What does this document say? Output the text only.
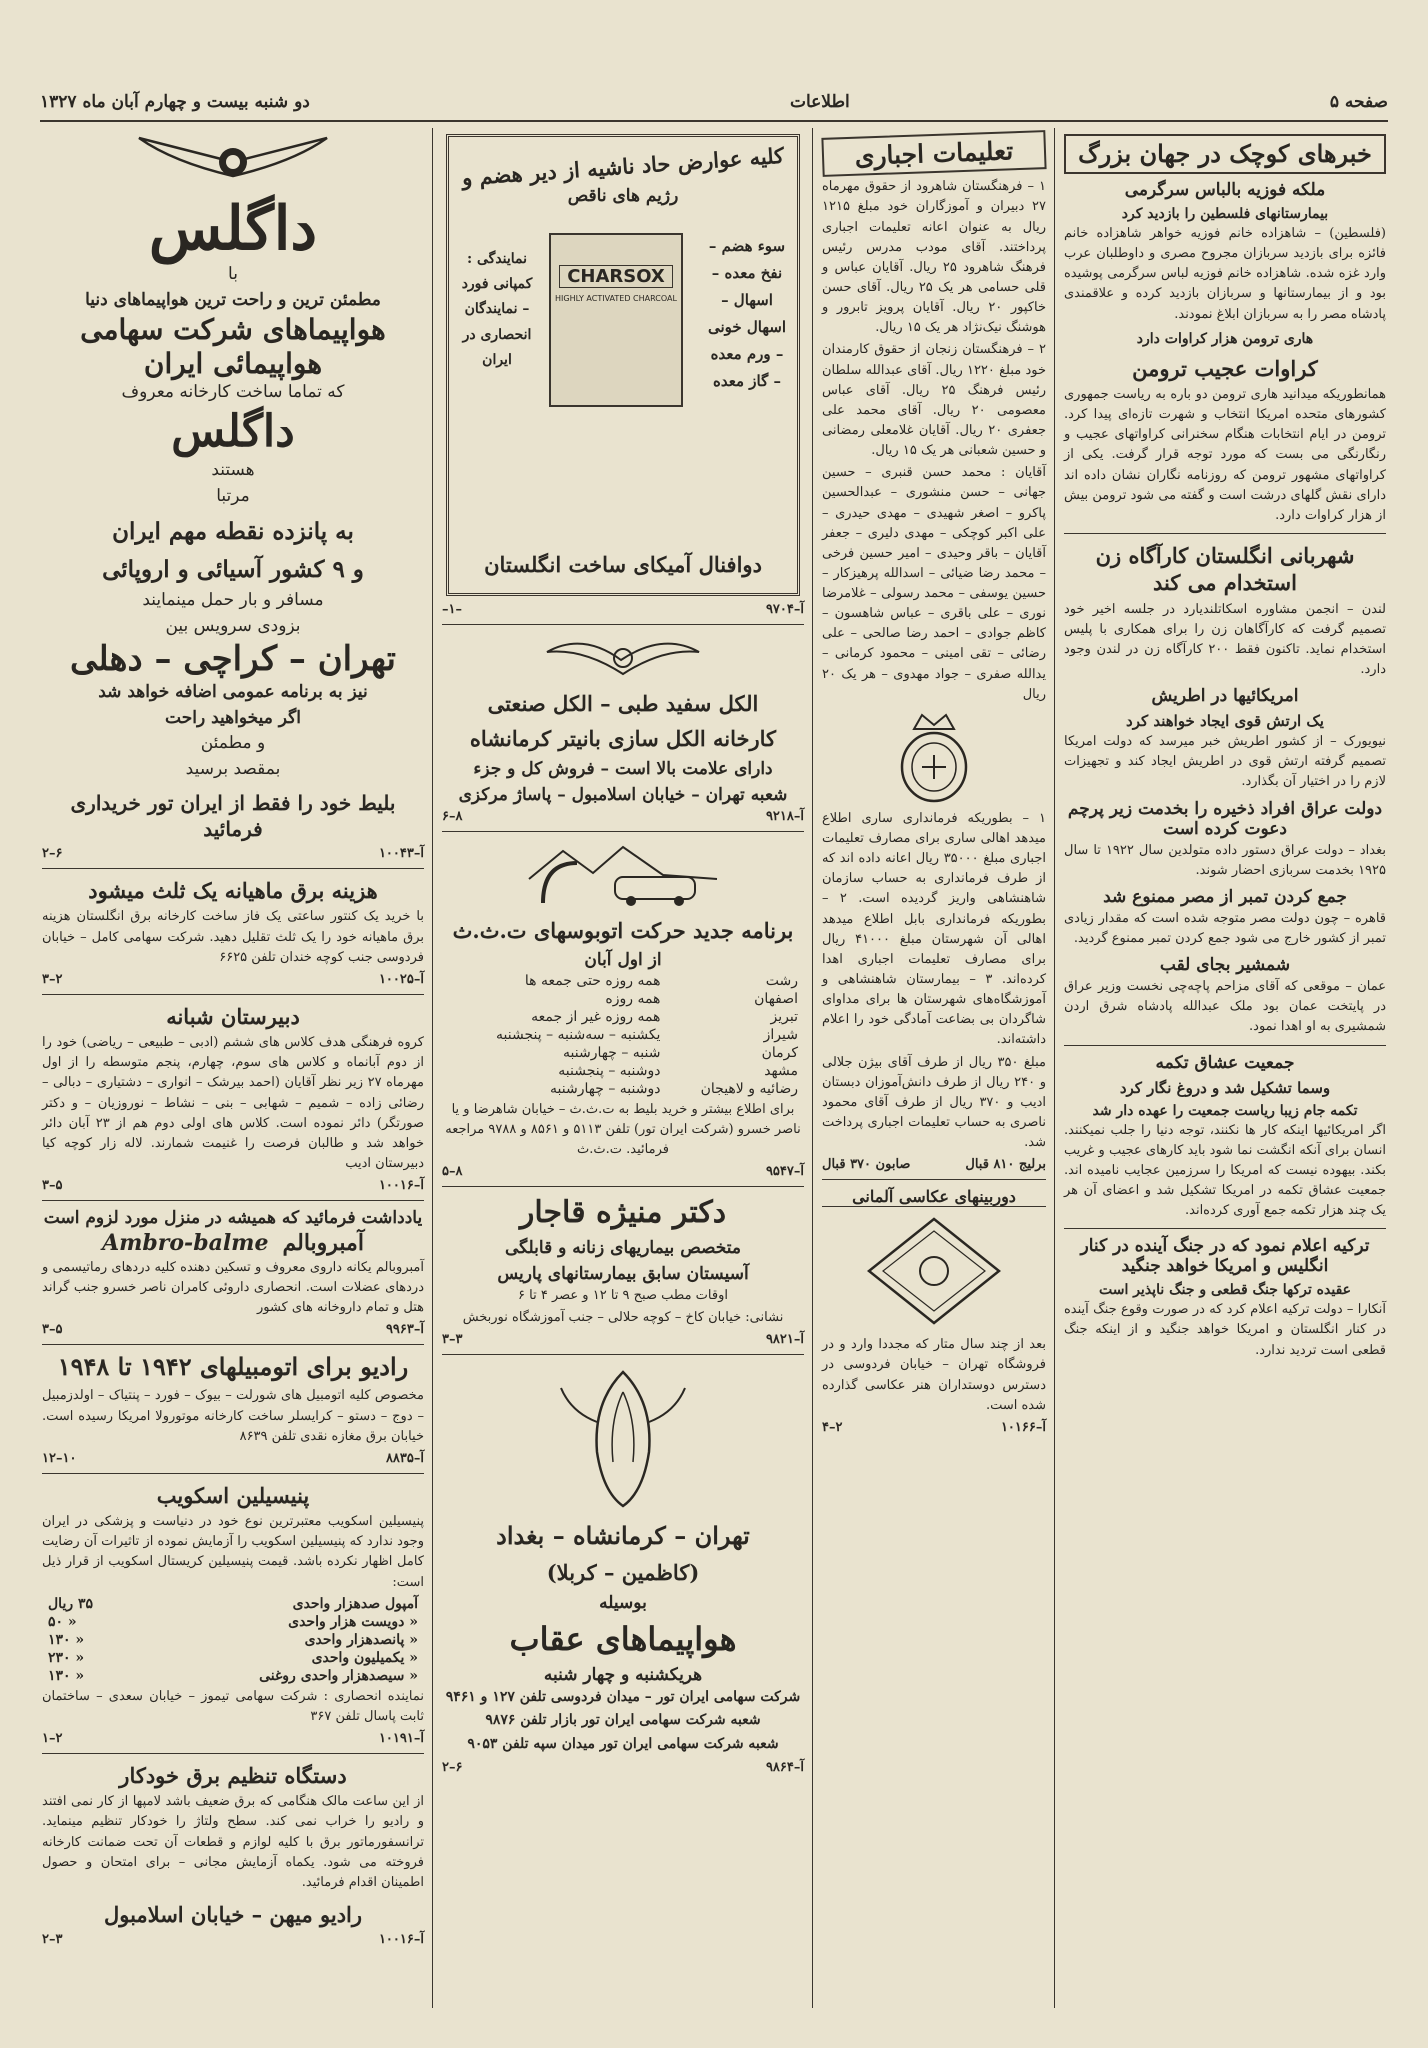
صفحه ۵
اطلاعات
دو شنبه بیست و چهارم آبان ماه ۱۳۲۷
خبرهای کوچک در جهان بزرگ
ملکه فوزیه بالباس سرگرمی
بیمارستانهای فلسطین را بازدید کرد
(فلسطین) – شاهزاده خانم فوزیه خواهر شاهزاده خانم فائزه برای بازدید سربازان مجروح مصری و داوطلبان عرب وارد غزه شده. شاهزاده خانم فوزیه لباس سرگرمی پوشیده بود و از بیمارستانها و سربازان بازدید کرده و علاقمندی پادشاه مصر را به سربازان ابلاغ نمودند.
هاری ترومن هزار کراوات دارد
کراوات عجیب ترومن
همانطوریکه میدانید هاری ترومن دو باره به ریاست جمهوری کشورهای متحده امریکا انتخاب و شهرت تازه‌ای پیدا کرد. ترومن در ایام انتخابات هنگام سخنرانی کراواتهای عجیب و رنگارنگی می بست که مورد توجه قرار گرفت. یکی از کراواتهای مشهور ترومن که روزنامه نگاران نشان داده اند دارای نقش گلهای درشت است و گفته می شود ترومن بیش از هزار کراوات دارد.
شهربانی انگلستان کارآگاه زن استخدام می کند
لندن – انجمن مشاوره اسکاتلندیارد در جلسه اخیر خود تصمیم گرفت که کارآگاهان زن را برای همکاری با پلیس استخدام نماید. تاکنون فقط ۲۰۰ کارآگاه زن در لندن وجود دارد.
امریکائیها در اطریش
یک ارتش قوی ایجاد خواهند کرد
نیویورک – از کشور اطریش خبر میرسد که دولت امریکا تصمیم گرفته ارتش قوی در اطریش ایجاد کند و تجهیزات لازم را در اختیار آن بگذارد.
دولت عراق افراد ذخیره را بخدمت زیر پرچم دعوت کرده است
بغداد – دولت عراق دستور داده متولدین سال ۱۹۲۲ تا سال ۱۹۲۵ بخدمت سربازی احضار شوند.
جمع کردن تمبر از مصر ممنوع شد
قاهره – چون دولت مصر متوجه شده است که مقدار زیادی تمبر از کشور خارج می شود جمع کردن تمبر ممنوع گردید.
شمشیر بجای لقب
عمان – موقعی که آقای مزاحم پاچه‌چی نخست وزیر عراق در پایتخت عمان بود ملک عبدالله پادشاه شرق اردن شمشیری به او اهدا نمود.
جمعیت عشاق تکمه
وسما تشکیل شد و دروغ نگار کرد
تکمه جام زیبا ریاست جمعیت را عهده دار شد
اگر امریکائیها اینکه کار ها نکنند، توجه دنیا را جلب نمیکنند. انسان برای آنکه انگشت نما شود باید کارهای عجیب و غریب بکند. بیهوده نیست که امریکا را سرزمین عجایب نامیده اند. جمعیت عشاق تکمه در امریکا تشکیل شد و اعضای آن هر یک چند هزار تکمه جمع آوری کرده‌اند.
ترکیه اعلام نمود که در جنگ آینده در کنار انگلیس و امریکا خواهد جنگید
عقیده ترکها جنگ قطعی و جنگ ناپذیر است
آنکارا – دولت ترکیه اعلام کرد که در صورت وقوع جنگ آینده در کنار انگلستان و امریکا خواهد جنگید و از اینکه جنگ قطعی است تردید ندارد.
تعلیمات اجباری
۱ – فرهنگستان شاهرود از حقوق مهرماه ۲۷ دبیران و آموزگاران خود مبلغ ۱۲۱۵ ریال به عنوان اعانه تعلیمات اجباری پرداختند. آقای مودب مدرس رئیس فرهنگ شاهرود ۲۵ ریال. آقایان عباس و قلی حسامی هر یک ۲۵ ریال. آقای حسن خاکپور ۲۰ ریال. آقایان پرویز تابرور و هوشنگ نیک‌نژاد هر یک ۱۵ ریال.
۲ – فرهنگستان زنجان از حقوق کارمندان خود مبلغ ۱۲۲۰ ریال. آقای عبدالله سلطان رئیس فرهنگ ۲۵ ریال. آقای عباس معصومی ۲۰ ریال. آقای محمد علی جعفری ۲۰ ریال. آقایان غلامعلی رمضانی و حسین شعبانی هر یک ۱۵ ریال.
آقایان : محمد حسن قنبری – حسین جهانی – حسن منشوری – عبدالحسین پاکرو – اصغر شهیدی – مهدی حیدری – علی اکبر کوچکی – مهدی دلیری – جعفر آقایان – باقر وحیدی – امیر حسین فرخی – محمد رضا ضیائی – اسدالله پرهیزکار – حسین یوسفی – محمد رسولی – غلامرضا نوری – علی باقری – عباس شاهسون – کاظم جوادی – احمد رضا صالحی – علی رضائی – تقی امینی – محمود کرمانی – یدالله صفری – جواد مهدوی – هر یک ۲۰ ریال
۱ – بطوریکه فرمانداری ساری اطلاع میدهد اهالی ساری برای مصارف تعلیمات اجباری مبلغ ۳۵۰۰۰ ریال اعانه داده اند که از طرف فرمانداری به حساب سازمان شاهنشاهی واریز گردیده است. ۲ – بطوریکه فرمانداری بابل اطلاع میدهد اهالی آن شهرستان مبلغ ۴۱۰۰۰ ریال برای مصارف تعلیمات اجباری اهدا کرده‌اند. ۳ – بیمارستان شاهنشاهی و آموزشگاه‌های شهرستان ها برای مداوای شاگردان بی بضاعت آمادگی خود را اعلام داشته‌اند.
مبلغ ۳۵۰ ریال از طرف آقای بیژن جلالی و ۲۴۰ ریال از طرف دانش‌آموزان دبستان ادیب و ۳۷۰ ریال از طرف آقای محمود ناصری به حساب تعلیمات اجباری پرداخت شد.
برلیج ۸۱۰ قبال
صابون ۳۷۰ قبال
دوربینهای عکاسی آلمانی
بعد از چند سال متار که مجددا وارد و در فروشگاه تهران – خیابان فردوسی در دسترس دوستداران هنر عکاسی گذارده شده است.
آ–۱۰۱۶۶
۲–۴
کلیه عوارض حاد ناشیه از دیر هضم و
رژیم های ناقص
CHARSOX
HIGHLY ACTIVATED CHARCOAL
سوء هضم – نفخ معده – اسهال – اسهال خونی – ورم معده – گاز معده
نمایندگی : کمپانی فورد – نمایندگان انحصاری در ایران
دوافنال آمیکای ساخت انگلستان
آ–۹۷۰۴
–۱–
الکل سفید طبی – الکل صنعتی
کارخانه الکل سازی بانیتر کرمانشاه
دارای علامت بالا است – فروش کل و جزء
شعبه تهران – خیابان اسلامبول – پاساژ مرکزی
آ–۹۲۱۸
۸–۶
برنامه جدید حرکت اتوبوسهای ت.ث.ث
از اول آبان
رشت	همه روزه حتی جمعه ها
اصفهان	همه روزه
تبریز	همه روزه غیر از جمعه
شیراز	یکشنبه – سه‌شنبه – پنجشنبه
کرمان	شنبه – چهارشنبه
مشهد	دوشنبه – پنجشنبه
رضائیه و لاهیجان	دوشنبه – چهارشنبه
برای اطلاع بیشتر و خرید بلیط به ت.ث.ث – خیابان شاهرضا و یا ناصر خسرو (شرکت ایران تور) تلفن ۵۱۱۳ و ۸۵۶۱ و ۹۷۸۸ مراجعه فرمائید. ت.ث.ث
آ–۹۵۴۷
۸–۵
دکتر منیژه قاجار
متخصص بیماریهای زنانه و قابلگی
آسیستان سابق بیمارستانهای پاریس
اوقات مطب صبح ۹ تا ۱۲ و عصر ۴ تا ۶
نشانی: خیابان کاخ – کوچه حلالی – جنب آموزشگاه نوربخش
آ–۹۸۲۱
۳–۳
تهران – کرمانشاه – بغداد
(کاظمین – کربلا)
بوسیله
هواپیماهای عقاب
هریکشنبه و چهار شنبه
شرکت سهامی ایران تور – میدان فردوسی تلفن ۱۲۷ و ۹۴۶۱
شعبه شرکت سهامی ایران تور بازار تلفن ۹۸۷۶
شعبه شرکت سهامی ایران تور میدان سپه تلفن ۹۰۵۳
آ–۹۸۶۴
۶–۲
داگلس
با
مطمئن ترین و راحت ترین هواپیماهای دنیا
هواپیماهای شرکت سهامی هواپیمائی ایران
که تماما ساخت کارخانه معروف
داگلس
هستند
مرتبا
به پانزده نقطه مهم ایران
و ۹ کشور آسیائی و اروپائی
مسافر و بار حمل مینمایند
بزودی سرویس بین
تهران – کراچی – دهلی
نیز به برنامه عمومی اضافه خواهد شد
اگر میخواهید راحت
و مطمئن
بمقصد برسید
بلیط خود را فقط از ایران تور خریداری فرمائید
آ–۱۰۰۴۳
۶–۲
هزینه برق ماهیانه یک ثلث میشود
با خرید یک کنتور ساعتی یک فاز ساخت کارخانه برق انگلستان هزینه برق ماهیانه خود را یک ثلث تقلیل دهید. شرکت سهامی کامل – خیابان فردوسی جنب کوچه خندان تلفن ۶۶۲۵
آ–۱۰۰۲۵
۲–۳
دبیرستان شبانه
کروه فرهنگی هدف کلاس های ششم (ادبی – طبیعی – ریاضی) خود را از دوم آبانماه و کلاس های سوم، چهارم، پنجم متوسطه را از اول مهرماه ۲۷ زیر نظر آقایان (احمد بیرشک – انواری – دشتیاری – دبالی – رضائی زاده – شمیم – شهابی – بنی – نشاط – نوروزیان – و دکتر صورتگر) دائر نموده است. کلاس های اولی دوم هم از ۲۳ آبان دائر خواهد شد و طالبان فرصت را غنیمت شمارند. لاله زار کوچه کیا دبیرستان ادیب
آ–۱۰۰۱۶
۵–۳
یادداشت فرمائید که همیشه در منزل مورد لزوم است
آمبروبالم
Ambro-balme
آمبروبالم یکانه داروی معروف و تسکین دهنده کلیه دردهای رماتیسمی و دردهای عضلات است. انحصاری داروئی کامران ناصر خسرو جنب گراند هتل و تمام داروخانه های کشور
آ–۹۹۶۳
۵–۳
رادیو برای اتومبیلهای ۱۹۴۲ تا ۱۹۴۸
مخصوص کلیه اتومبیل های شورلت – بیوک – فورد – پنتیاک – اولدزمبیل – دوج – دستو – کرایسلر ساخت کارخانه موتورولا امریکا رسیده است. خیابان برق مغازه نقدی تلفن ۸۶۳۹
آ–۸۸۳۵
۱۰–۱۲
پنیسیلین اسکویب
پنیسیلین اسکویب معتبرترین نوع خود در دنیاست و پزشکی در ایران وجود ندارد که پنیسیلین اسکویب را آزمایش نموده از تاثیرات آن رضایت کامل اظهار نکرده باشد. قیمت پنیسیلین کریستال اسکویب از قرار ذیل است:
آمپول صدهزار واحدی	۳۵ ریال
« دویست هزار واحدی	« ۵۰
« پانصدهزار واحدی	« ۱۳۰
« یکمیلیون واحدی	« ۲۳۰
« سیصدهزار واحدی روغنی	« ۱۳۰
نماینده انحصاری : شرکت سهامی تیموز – خیابان سعدی – ساختمان ثابت پاسال تلفن ۳۶۷
آ–۱۰۱۹۱
۲–۱
دستگاه تنظیم برق خودکار
از این ساعت مالک هنگامی که برق ضعیف باشد لامپها از کار نمی افتند و رادیو را خراب نمی کند. سطح ولتاژ را خودکار تنظیم مینماید. ترانسفورماتور برق با کلیه لوازم و قطعات آن تحت ضمانت کارخانه فروخته می شود. یکماه آزمایش مجانی – برای امتحان و حصول اطمینان اقدام فرمائید.
رادیو میهن – خیابان اسلامبول
آ–۱۰۰۱۶
۳–۲
